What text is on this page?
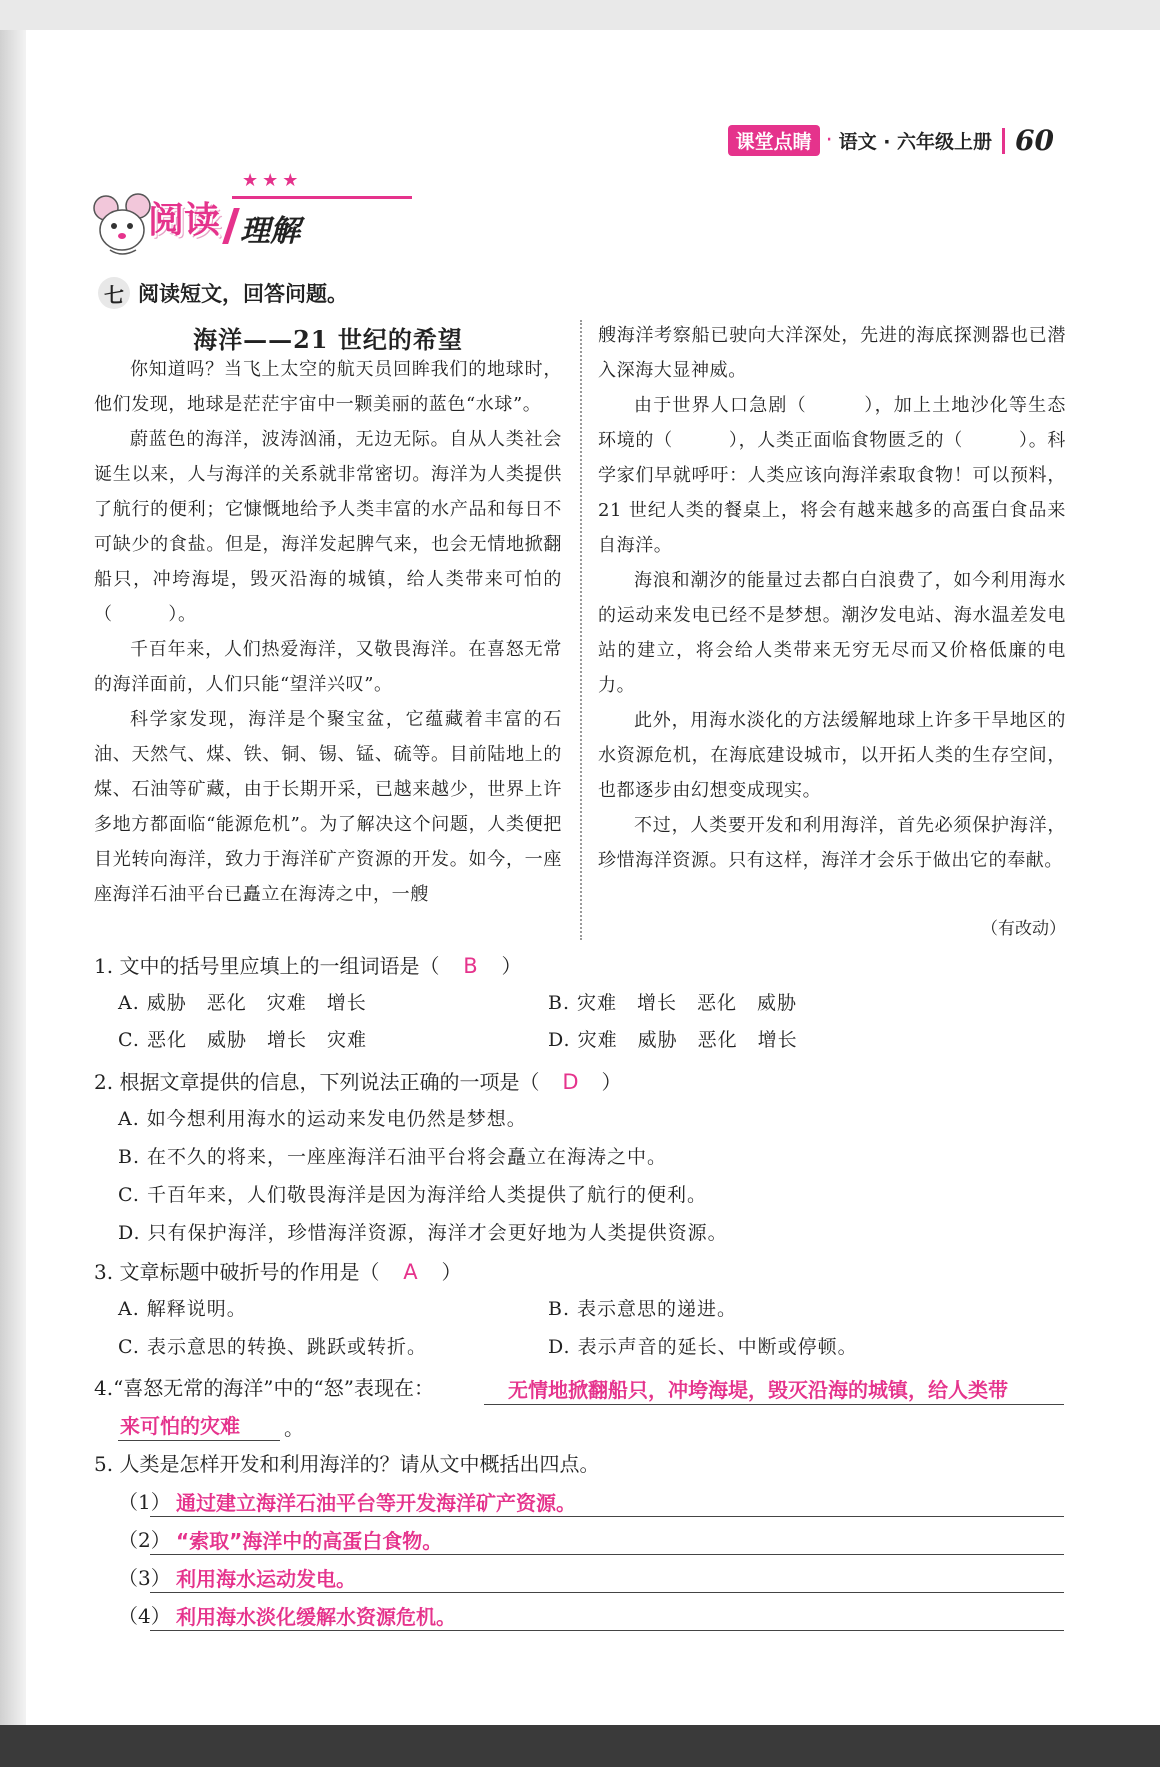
课堂点睛 · 语文 · 六年级上册 60
★★★
阅读 理解
七 阅读短文，回答问题。
海洋——21 世纪的希望

你知道吗？当飞上太空的航天员回眸我们的地球时，他们发现，地球是茫茫宇宙中一颗美丽的蓝色“水球”。

蔚蓝色的海洋，波涛汹涌，无边无际。自从人类社会诞生以来，人与海洋的关系就非常密切。海洋为人类提供了航行的便利；它慷慨地给予人类丰富的水产品和每日不可缺少的食盐。但是，海洋发起脾气来，也会无情地掀翻船只，冲垮海堤，毁灭沿海的城镇，给人类带来可怕的（　　　）。

千百年来，人们热爱海洋，又敬畏海洋。在喜怒无常的海洋面前，人们只能“望洋兴叹”。

科学家发现，海洋是个聚宝盆，它蕴藏着丰富的石油、天然气、煤、铁、铜、锡、锰、硫等。目前陆地上的煤、石油等矿藏，由于长期开采，已越来越少，世界上许多地方都面临“能源危机”。为了解决这个问题，人类便把目光转向海洋，致力于海洋矿产资源的开发。如今，一座座海洋石油平台已矗立在海涛之中，一艘

艘海洋考察船已驶向大洋深处，先进的海底探测器也已潜入深海大显神威。

由于世界人口急剧（　　　），加上土地沙化等生态环境的（　　　），人类正面临食物匮乏的（　　　）。科学家们早就呼吁：人类应该向海洋索取食物！可以预料，21 世纪人类的餐桌上，将会有越来越多的高蛋白食品来自海洋。

海浪和潮汐的能量过去都白白浪费了，如今利用海水的运动来发电已经不是梦想。潮汐发电站、海水温差发电站的建立，将会给人类带来无穷无尽而又价格低廉的电力。

此外，用海水淡化的方法缓解地球上许多干旱地区的水资源危机，在海底建设城市，以开拓人类的生存空间，也都逐步由幻想变成现实。

不过，人类要开发和利用海洋，首先必须保护海洋，珍惜海洋资源。只有这样，海洋才会乐于做出它的奉献。

（有改动）
1. 文中的括号里应填上的一组词语是（ B ）
A. 威胁　恶化　灾难　增长	B. 灾难　增长　恶化　威胁
C. 恶化　威胁　增长　灾难	D. 灾难　威胁　恶化　增长
2. 根据文章提供的信息，下列说法正确的一项是（ D ）
A. 如今想利用海水的运动来发电仍然是梦想。
B. 在不久的将来，一座座海洋石油平台将会矗立在海涛之中。
C. 千百年来，人们敬畏海洋是因为海洋给人类提供了航行的便利。
D. 只有保护海洋，珍惜海洋资源，海洋才会更好地为人类提供资源。
3. 文章标题中破折号的作用是（ A ）
A. 解释说明。	B. 表示意思的递进。
C. 表示意思的转换、跳跃或转折。	D. 表示声音的延长、中断或停顿。
4.“喜怒无常的海洋”中的“怒”表现在：	无情地掀翻船只，冲垮海堤，毁灭沿海的城镇，给人类带
来可怕的灾难 。
5. 人类是怎样开发和利用海洋的？请从文中概括出四点。
（1） 通过建立海洋石油平台等开发海洋矿产资源。
（2） “索取”海洋中的高蛋白食物。
（3） 利用海水运动发电。
（4） 利用海水淡化缓解水资源危机。
